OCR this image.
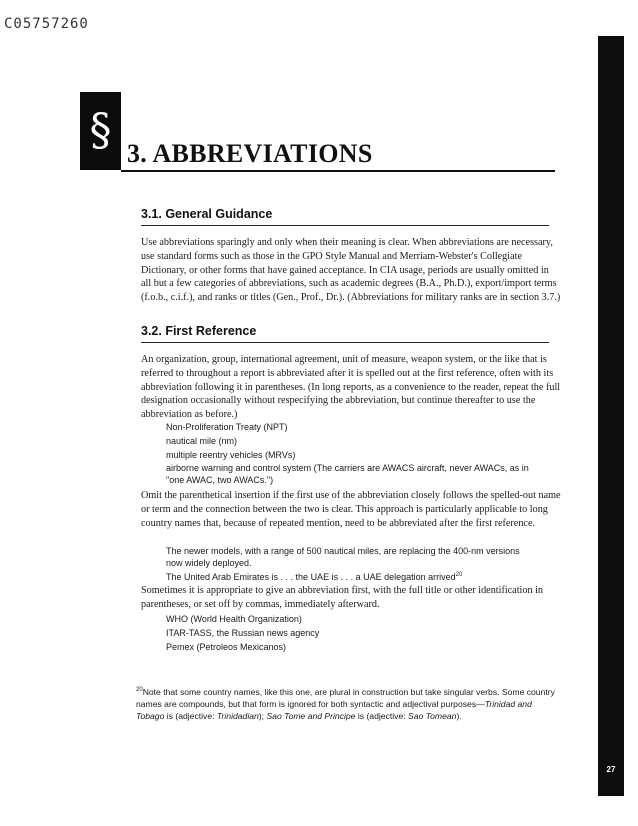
C05757260
27
§ 3. ABBREVIATIONS
3.1. General Guidance

Use abbreviations sparingly and only when their meaning is clear. When abbreviations are necessary, use standard forms such as those in the GPO Style Manual and Merriam-Webster's Collegiate Dictionary, or other forms that have gained acceptance. In CIA usage, periods are usually omitted in all but a few categories of abbreviations, such as academic degrees (B.A., Ph.D.), export/import terms (f.o.b., c.i.f.), and ranks or titles (Gen., Prof., Dr.). (Abbreviations for military ranks are in section 3.7.)

3.2. First Reference

An organization, group, international agreement, unit of measure, weapon system, or the like that is referred to throughout a report is abbreviated after it is spelled out at the first reference, often with its abbreviation following it in parentheses. (In long reports, as a convenience to the reader, repeat the full designation occasionally without respecifying the abbreviation, but continue thereafter to use the abbreviation as before.)

Non-Proliferation Treaty (NPT)

nautical mile (nm)

multiple reentry vehicles (MRVs)

airborne warning and control system (The carriers are AWACS aircraft, never AWACs, as in "one AWAC, two AWACs.")

Omit the parenthetical insertion if the first use of the abbreviation closely follows the spelled-out name or term and the connection between the two is clear. This approach is particularly applicable to long country names that, because of repeated mention, need to be abbreviated after the first reference.

The newer models, with a range of 500 nautical miles, are replacing the 400-nm versions now widely deployed.

The United Arab Emirates is . . . the UAE is . . . a UAE delegation arrived$^{20}$

Sometimes it is appropriate to give an abbreviation first, with the full title or other identification in parentheses, or set off by commas, immediately afterward.

WHO (World Health Organization)

ITAR-TASS, the Russian news agency

Pemex (Petroleos Mexicanos)

$^{20}$Note that some country names, like this one, are plural in construction but take singular verbs. Some country names are compounds, but that form is ignored for both syntactic and adjectival purposes—Trinidad and Tobago is (adjective: Trinidadian); Sao Tome and Principe is (adjective: Sao Tomean).
